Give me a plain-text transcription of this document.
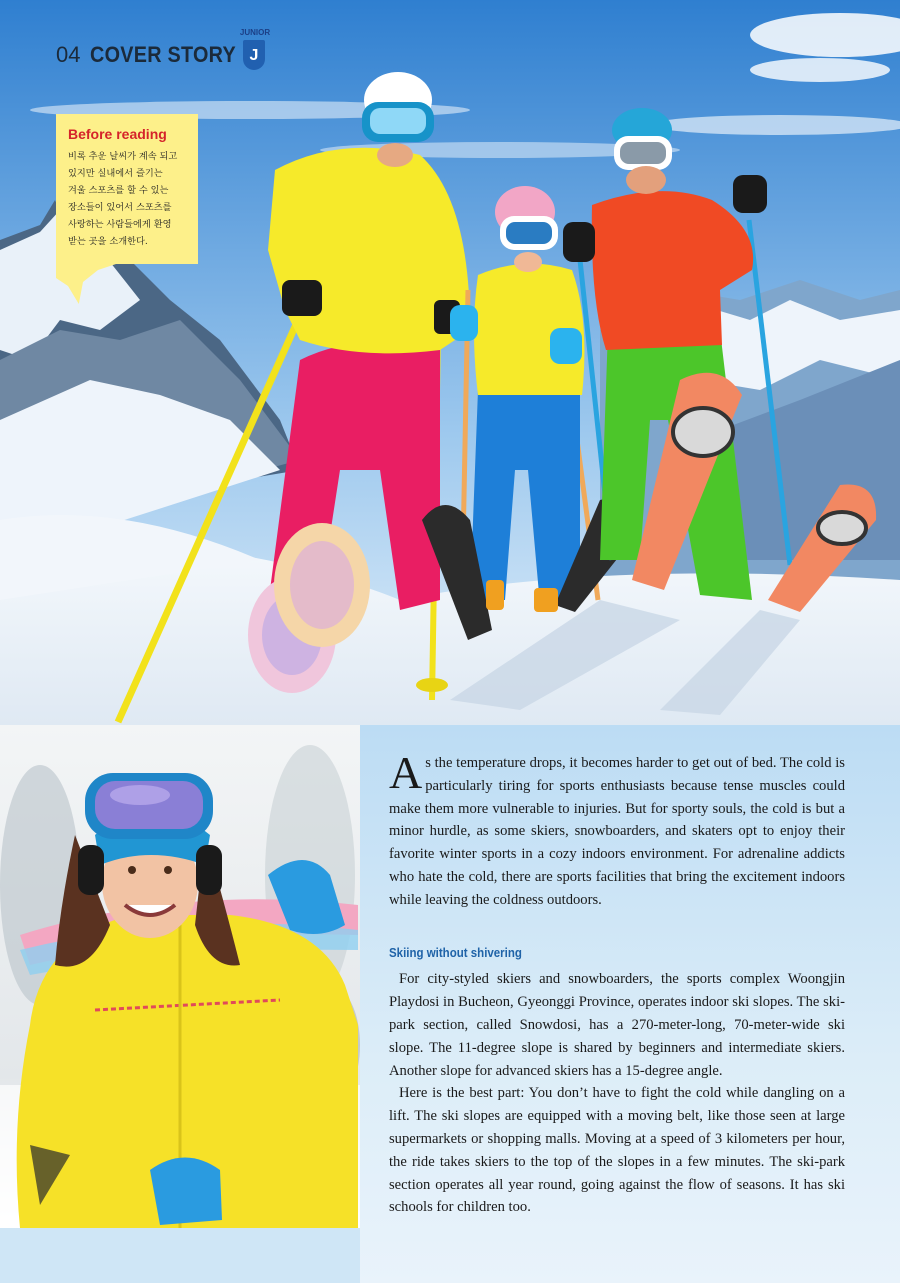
04 COVER STORY
JUNIOR
J
Before reading
비록 추운 날씨가 계속 되고
있지만 실내에서 즐기는
겨울 스포츠를 할 수 있는
장소들이 있어서 스포츠를
사랑하는 사람들에게 환영
받는 곳을 소개한다.

As the temperature drops, it becomes harder to get out of bed. The cold is particularly tiring for sports enthusiasts because tense muscles could make them more vulnerable to injuries. But for sporty souls, the cold is but a minor hurdle, as some skiers, snowboarders, and skaters opt to enjoy their favorite winter sports in a cozy indoors environment. For adrenaline addicts who hate the cold, there are sports facilities that bring the excitement indoors while leaving the coldness outdoors.

Skiing without shivering

For city-styled skiers and snowboarders, the sports complex Woongjin Playdosi in Bucheon, Gyeonggi Province, operates indoor ski slopes. The ski-park section, called Snowdosi, has a 270-meter-long, 70-meter-wide ski slope. The 11-degree slope is shared by beginners and intermediate skiers. Another slope for advanced skiers has a 15-degree angle.

Here is the best part: You don’t have to fight the cold while dangling on a lift. The ski slopes are equipped with a moving belt, like those seen at large supermarkets or shopping malls. Moving at a speed of 3 kilometers per hour, the ride takes skiers to the top of the slopes in a few minutes. The ski-park section operates all year round, going against the flow of seasons. It has ski schools for children too.
